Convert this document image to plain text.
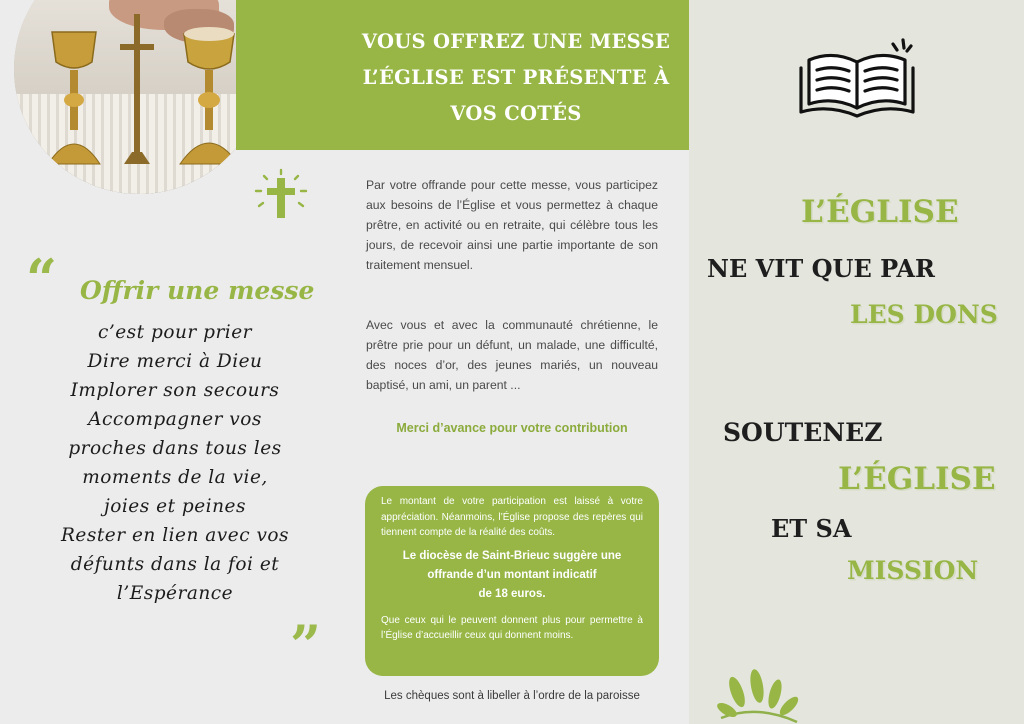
“ Offrir une messe
c’est pour prier
Dire merci à Dieu
Implorer son secours
Accompagner vos
proches dans tous les
moments de la vie,
joies et peines
Rester en lien avec vos
défunts dans la foi et
l’Espérance
”
VOUS OFFREZ UNE MESSE
L’ÉGLISE EST PRÉSENTE À
VOS COTÉS

Par votre offrande pour cette messe, vous participez aux besoins de l’Église et vous permettez à chaque prêtre, en activité ou en retraite, qui célèbre tous les jours, de recevoir ainsi une partie importante de son traitement mensuel.

Avec vous et avec la communauté chrétienne, le prêtre prie pour un défunt, un malade, une difficulté, des noces d’or, des jeunes mariés, un nouveau baptisé, un ami, un parent ...

Merci d’avance pour votre contribution

Le montant de votre participation est laissé à votre appréciation. Néanmoins, l’Église propose des repères qui tiennent compte de la réalité des coûts.

Le diocèse de Saint-Brieuc suggère une
offrande d’un montant indicatif
de 18 euros.

Que ceux qui le peuvent donnent plus pour permettre à l’Église d’accueillir ceux qui donnent moins.

Les chèques sont à libeller à l’ordre de la paroisse
L’ÉGLISE
NE VIT QUE PAR
LES DONS
SOUTENEZ
L’ÉGLISE
ET SA
MISSION
